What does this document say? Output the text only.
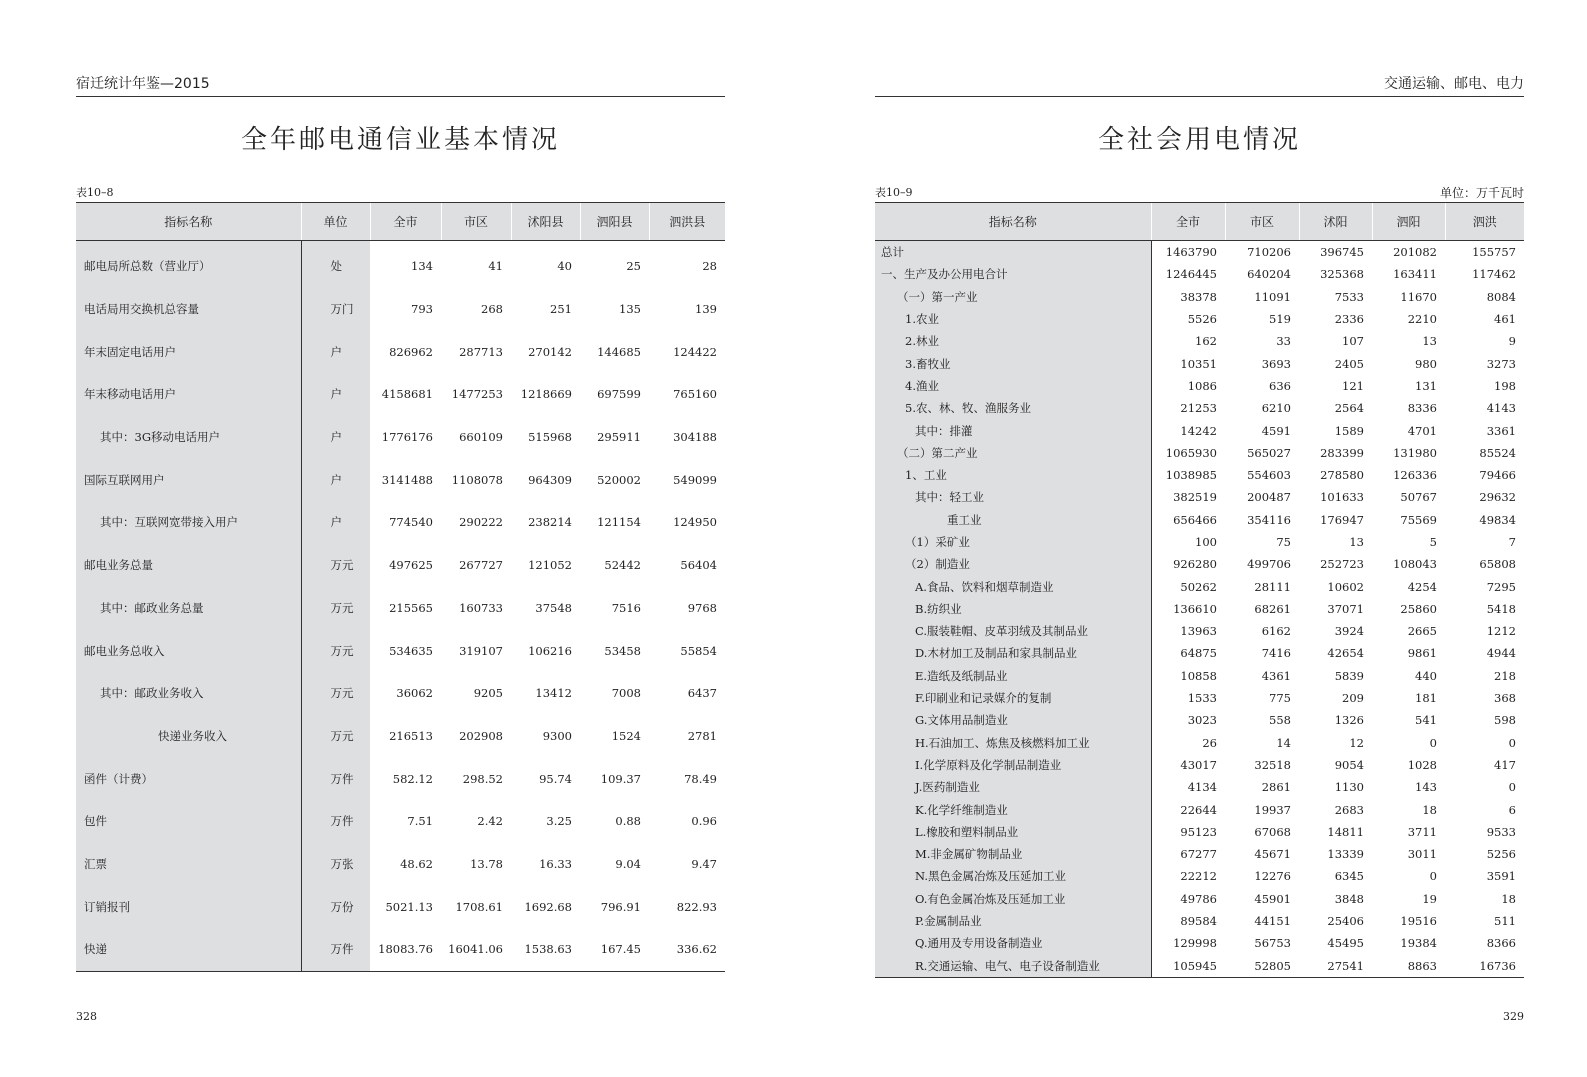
宿迁统计年鉴—2015
全年邮电通信业基本情况
表10–8
指标名称	单位	全市	市区	沭阳县	泗阳县	泗洪县
邮电局所总数（营业厅）	处	134	41	40	25	28
电话局用交换机总容量	万门	793	268	251	135	139
年末固定电话用户	户	826962	287713	270142	144685	124422
年末移动电话用户	户	4158681	1477253	1218669	697599	765160
其中：3G移动电话用户	户	1776176	660109	515968	295911	304188
国际互联网用户	户	3141488	1108078	964309	520002	549099
其中：互联网宽带接入用户	户	774540	290222	238214	121154	124950
邮电业务总量	万元	497625	267727	121052	52442	56404
其中：邮政业务总量	万元	215565	160733	37548	7516	9768
邮电业务总收入	万元	534635	319107	106216	53458	55854
其中：邮政业务收入	万元	36062	9205	13412	7008	6437
快递业务收入	万元	216513	202908	9300	1524	2781
函件（计费）	万件	582.12	298.52	95.74	109.37	78.49
包件	万件	7.51	2.42	3.25	0.88	0.96
汇票	万张	48.62	13.78	16.33	9.04	9.47
订销报刊	万份	5021.13	1708.61	1692.68	796.91	822.93
快递	万件	18083.76	16041.06	1538.63	167.45	336.62
328
交通运输、邮电、电力
全社会用电情况
表10–9	单位：万千瓦时
指标名称	全市	市区	沭阳	泗阳	泗洪
总计	1463790	710206	396745	201082	155757
一、生产及办公用电合计	1246445	640204	325368	163411	117462
（一）第一产业	38378	11091	7533	11670	8084
1.农业	5526	519	2336	2210	461
2.林业	162	33	107	13	9
3.畜牧业	10351	3693	2405	980	3273
4.渔业	1086	636	121	131	198
5.农、林、牧、渔服务业	21253	6210	2564	8336	4143
其中：排灌	14242	4591	1589	4701	3361
（二）第二产业	1065930	565027	283399	131980	85524
1、工业	1038985	554603	278580	126336	79466
其中：轻工业	382519	200487	101633	50767	29632
重工业	656466	354116	176947	75569	49834
（1）采矿业	100	75	13	5	7
（2）制造业	926280	499706	252723	108043	65808
A.食品、饮料和烟草制造业	50262	28111	10602	4254	7295
B.纺织业	136610	68261	37071	25860	5418
C.服装鞋帽、皮革羽绒及其制品业	13963	6162	3924	2665	1212
D.木材加工及制品和家具制品业	64875	7416	42654	9861	4944
E.造纸及纸制品业	10858	4361	5839	440	218
F.印刷业和记录媒介的复制	1533	775	209	181	368
G.文体用品制造业	3023	558	1326	541	598
H.石油加工、炼焦及核燃料加工业	26	14	12	0	0
I.化学原料及化学制品制造业	43017	32518	9054	1028	417
J.医药制造业	4134	2861	1130	143	0
K.化学纤维制造业	22644	19937	2683	18	6
L.橡胶和塑料制品业	95123	67068	14811	3711	9533
M.非金属矿物制品业	67277	45671	13339	3011	5256
N.黑色金属冶炼及压延加工业	22212	12276	6345	0	3591
O.有色金属冶炼及压延加工业	49786	45901	3848	19	18
P.金属制品业	89584	44151	25406	19516	511
Q.通用及专用设备制造业	129998	56753	45495	19384	8366
R.交通运输、电气、电子设备制造业	105945	52805	27541	8863	16736
329
